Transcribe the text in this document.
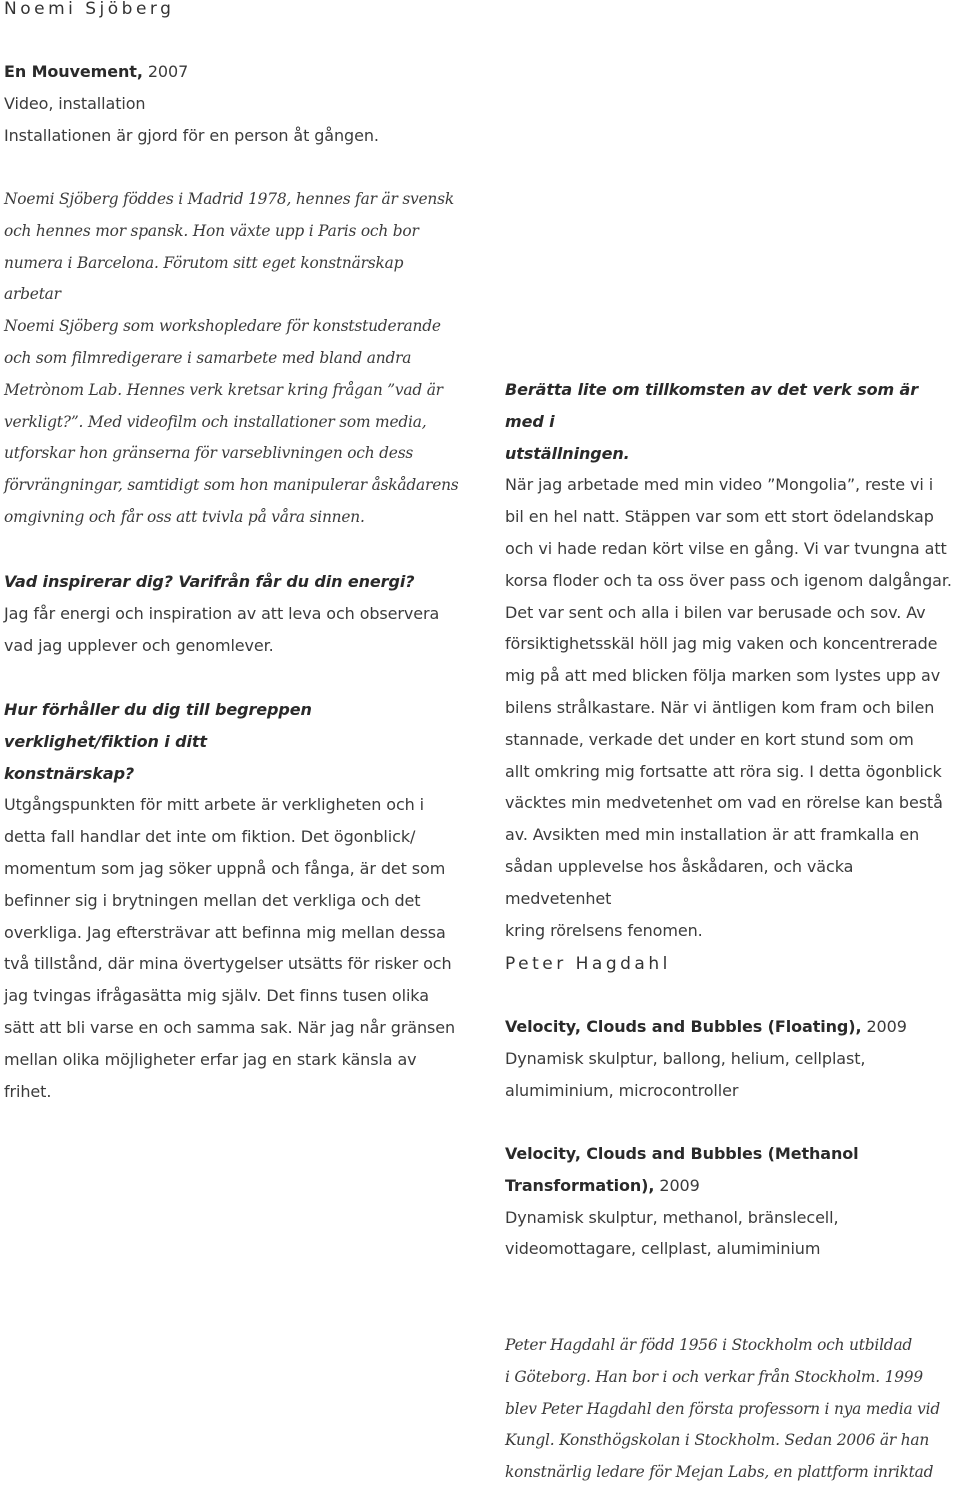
Noemi Sjöberg

En Mouvement, 2007

Video, installation

Installationen är gjord för en person åt gången.

Noemi Sjöberg föddes i Madrid 1978, hennes far är svensk

och hennes mor spansk. Hon växte upp i Paris och bor

numera i Barcelona. Förutom sitt eget konstnärskap arbetar

Noemi Sjöberg som workshopledare för konststuderande

och som filmredigerare i samarbete med bland andra

Metrònom Lab. Hennes verk kretsar kring frågan ”vad är

verkligt?”. Med videofilm och installationer som media,

utforskar hon gränserna för varseblivningen och dess

förvrängningar, samtidigt som hon manipulerar åskådarens

omgivning och får oss att tvivla på våra sinnen.

Vad inspirerar dig? Varifrån får du din energi?

Jag får energi och inspiration av att leva och observera

vad jag upplever och genomlever.

Hur förhåller du dig till begreppen verklighet/fiktion i ditt

konstnärskap?

Utgångspunkten för mitt arbete är verkligheten och i

detta fall handlar det inte om fiktion. Det ögonblick/

momentum som jag söker uppnå och fånga, är det som

befinner sig i brytningen mellan det verkliga och det

overkliga. Jag eftersträvar att befinna mig mellan dessa

två tillstånd, där mina övertygelser utsätts för risker och

jag tvingas ifrågasätta mig själv. Det finns tusen olika

sätt att bli varse en och samma sak. När jag når gränsen

mellan olika möjligheter erfar jag en stark känsla av frihet.

Berätta lite om tillkomsten av det verk som är med i

utställningen.

När jag arbetade med min video ”Mongolia”, reste vi i

bil en hel natt. Stäppen var som ett stort ödelandskap

och vi hade redan kört vilse en gång. Vi var tvungna att

korsa floder och ta oss över pass och igenom dalgångar.

Det var sent och alla i bilen var berusade och sov. Av

försiktighetsskäl höll jag mig vaken och koncentrerade

mig på att med blicken följa marken som lystes upp av

bilens strålkastare. När vi äntligen kom fram och bilen

stannade, verkade det under en kort stund som om

allt omkring mig fortsatte att röra sig. I detta ögonblick

väcktes min medvetenhet om vad en rörelse kan bestå

av. Avsikten med min installation är att framkalla en

sådan upplevelse hos åskådaren, och väcka medvetenhet

kring rörelsens fenomen.

Peter Hagdahl

Velocity, Clouds and Bubbles (Floating), 2009

Dynamisk skulptur, ballong, helium, cellplast,

alumiminium, microcontroller

Velocity, Clouds and Bubbles (Methanol

Transformation), 2009

Dynamisk skulptur, methanol, bränslecell,

videomottagare, cellplast, alumiminium

Peter Hagdahl är född 1956 i Stockholm och utbildad

i Göteborg. Han bor i och verkar från Stockholm. 1999

blev Peter Hagdahl den första professorn i nya media vid

Kungl. Konsthögskolan i Stockholm. Sedan 2006 är han

konstnärlig ledare för Mejan Labs, en plattform inriktad
